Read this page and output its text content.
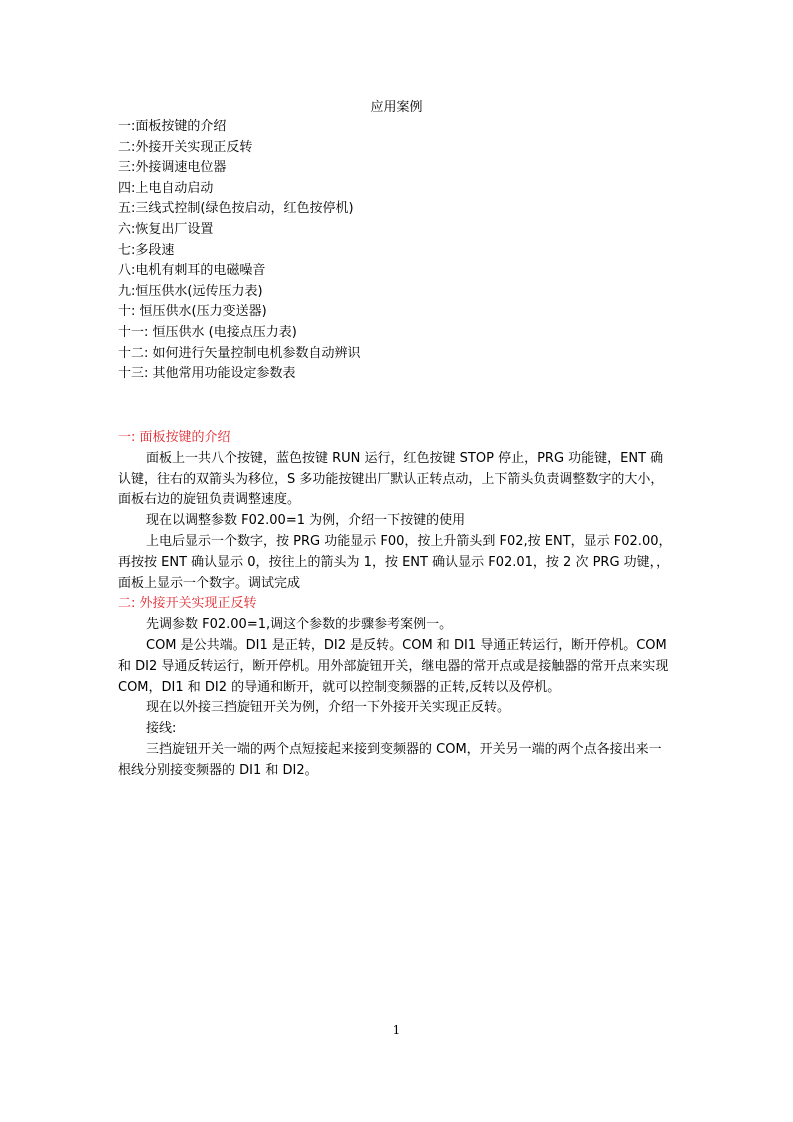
应用案例
一:面板按键的介绍
二:外接开关实现正反转
三:外接调速电位器
四:上电自动启动
五:三线式控制(绿色按启动，红色按停机)
六:恢复出厂设置
七:多段速
八:电机有刺耳的电磁噪音
九:恒压供水(远传压力表)
十: 恒压供水(压力变送器)
十一: 恒压供水 (电接点压力表)
十二: 如何进行矢量控制电机参数自动辨识
十三: 其他常用功能设定参数表
一: 面板按键的介绍

面板上一共八个按键，蓝色按键 RUN 运行，红色按键 STOP 停止，PRG 功能键，ENT 确认键，往右的双箭头为移位，S 多功能按键出厂默认正转点动，上下箭头负责调整数字的大小，面板右边的旋钮负责调整速度。

现在以调整参数 F02.00=1 为例，介绍一下按键的使用

上电后显示一个数字，按 PRG 功能显示 F00，按上升箭头到 F02,按 ENT，显示 F02.00，再按按 ENT 确认显示 0，按往上的箭头为 1，按 ENT 确认显示 F02.01，按 2 次 PRG 功键，，面板上显示一个数字。调试完成

二: 外接开关实现正反转

先调参数 F02.00=1,调这个参数的步骤参考案例一。

COM 是公共端。DI1 是正转，DI2 是反转。COM 和 DI1 导通正转运行，断开停机。COM 和 DI2 导通反转运行，断开停机。用外部旋钮开关，继电器的常开点或是接触器的常开点来实现 COM，DI1 和 DI2 的导通和断开，就可以控制变频器的正转,反转以及停机。

现在以外接三挡旋钮开关为例，介绍一下外接开关实现正反转。

接线:

三挡旋钮开关一端的两个点短接起来接到变频器的 COM，开关另一端的两个点各接出来一根线分别接变频器的 DI1 和 DI2。

1
